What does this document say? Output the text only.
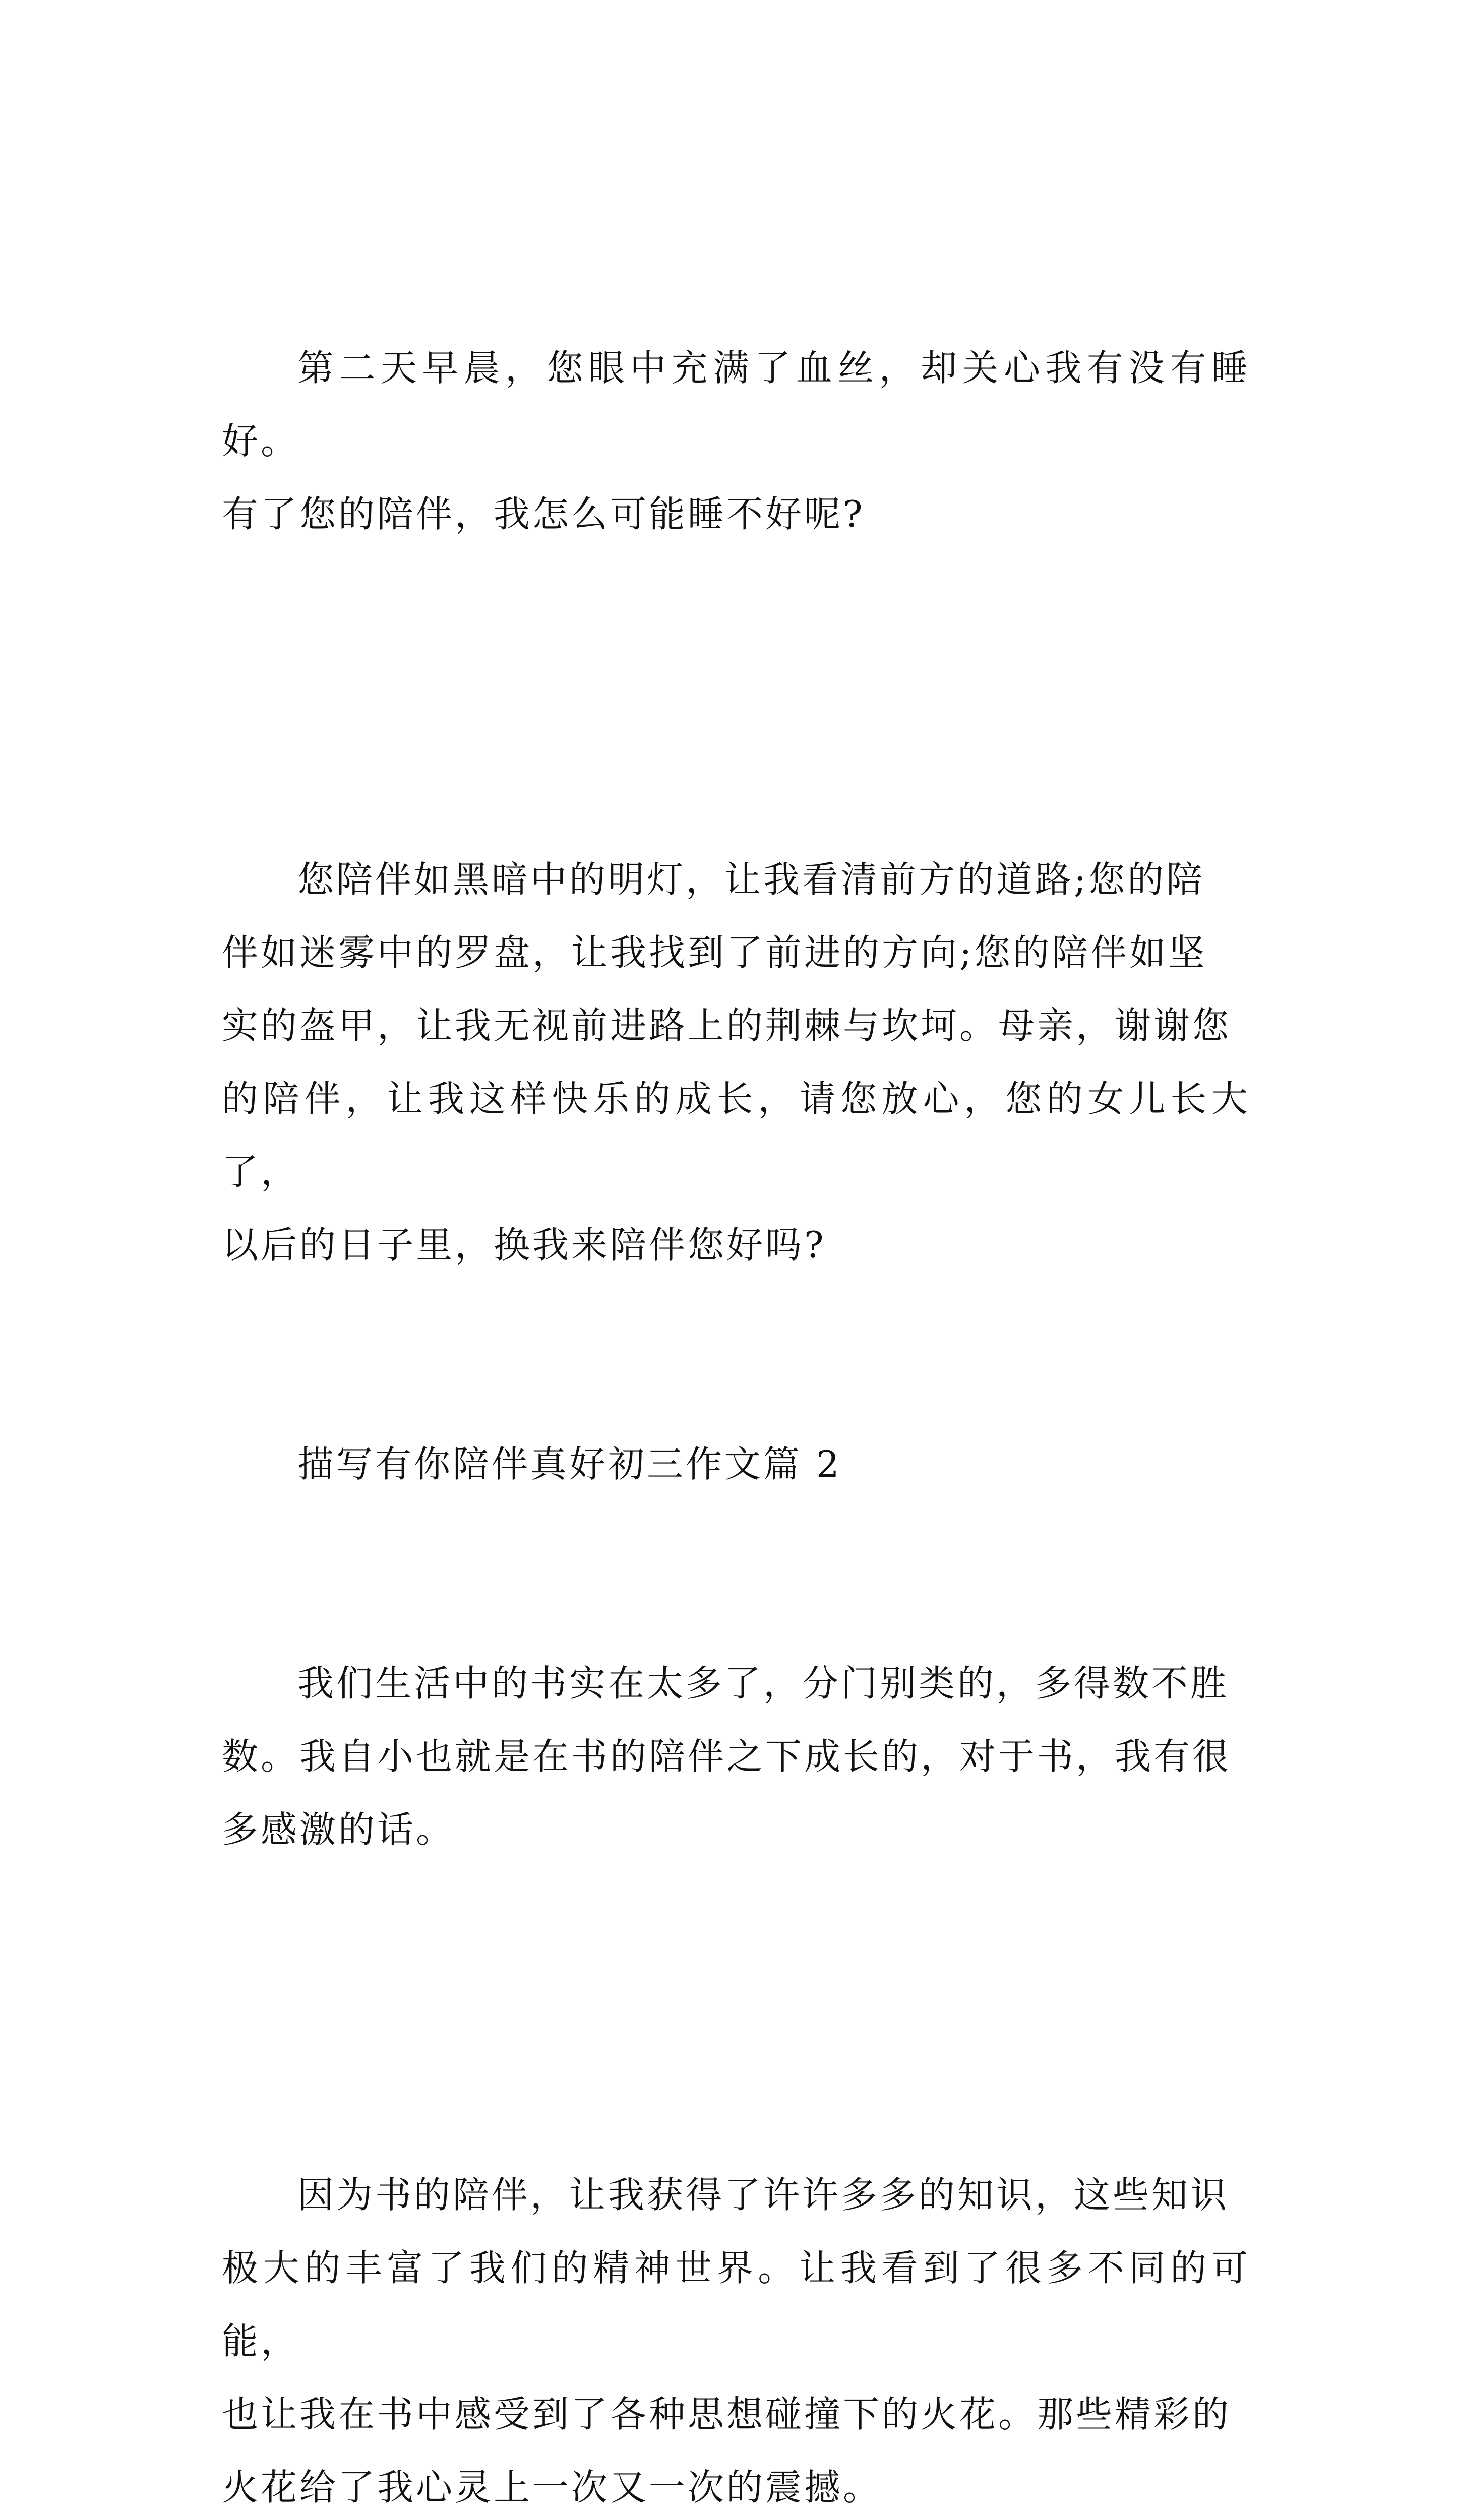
第二天早晨，您眼中充满了血丝，却关心我有没有睡好。
有了您的陪伴，我怎么可能睡不好呢?

您陪伴如黑暗中的明灯，让我看清前方的道路;您的陪
伴如迷雾中的罗盘，让我找到了前进的方向;您的陪伴如坚
实的盔甲，让我无视前进路上的荆棘与坎坷。母亲，谢谢您
的陪伴，让我这样快乐的成长，请您放心，您的女儿长大了，
以后的日子里，换我来陪伴您好吗?

描写有你陪伴真好初三作文篇 2

我们生活中的书实在太多了，分门别类的，多得数不胜
数。我自小也就是在书的陪伴之下成长的，对于书，我有很
多感激的话。

因为书的陪伴，让我获得了许许多多的知识，这些知识
极大的丰富了我们的精神世界。让我看到了很多不同的可能，
也让我在书中感受到了各种思想碰撞下的火花。那些精彩的
火花给了我心灵上一次又一次的震撼。
